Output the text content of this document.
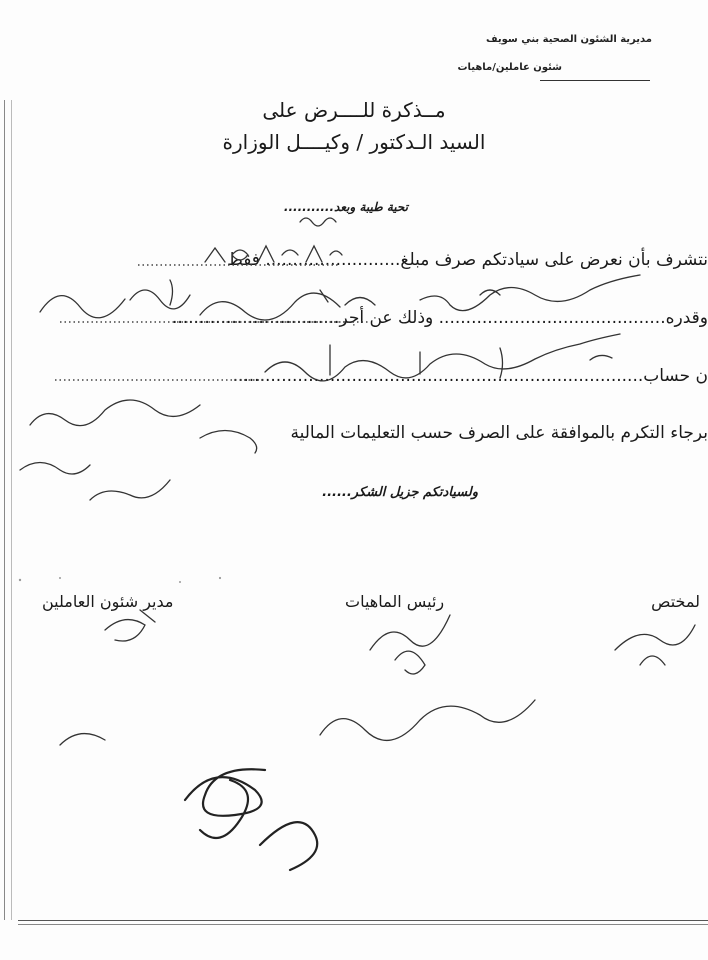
مديرية الشئون الصحية بني سويف
شئون عاملين/ماهيات
مــذكرة للــــرض على
السيد الـدكتور / وكيــــل الوزارة
تحية طيبة وبعد...........
نتشرف بأن نعرض على سيادتكم صرف مبلغ......................... فقط
وقدره.......................................... وذلك عن أجر...............................
ن حساب............................................................................
برجاء التكرم بالموافقة على الصرف حسب التعليمات المالية
ولسيادتكم جزيل الشكر......
مدير شئون العاملين	رئيس الماهيات	لمختص
